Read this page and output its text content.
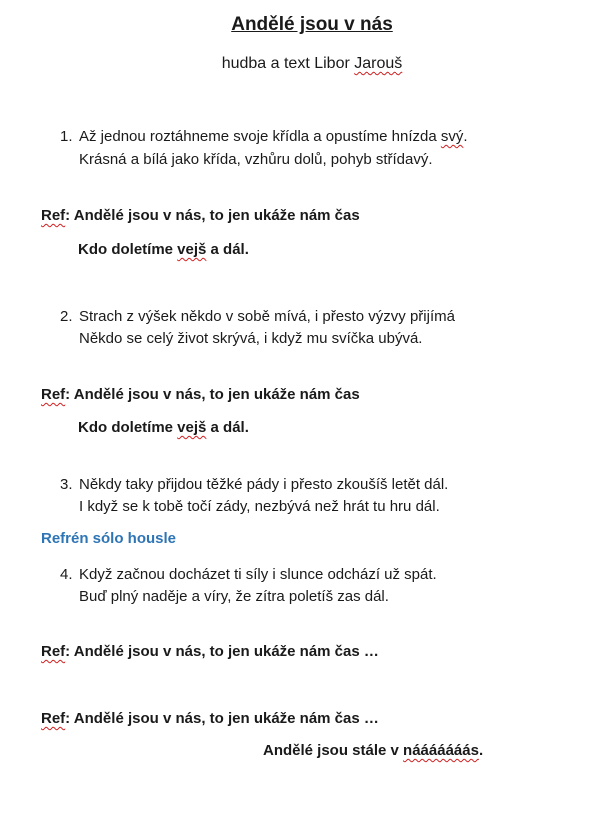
Andělé jsou v nás
hudba a text Libor Jarouš
1. Až jednou roztáhneme svoje křídla a opustíme hnízda svý.
Krásná a bílá jako křída, vzhůru dolů, pohyb střídavý.
Ref: Andělé jsou v nás, to jen ukáže nám čas
Kdo doletíme vejš a dál.
2. Strach z výšek někdo v sobě mívá, i přesto výzvy přijímá
Někdo se celý život skrývá, i když mu svíčka ubývá.
Ref: Andělé jsou v nás, to jen ukáže nám čas
Kdo doletíme vejš a dál.
3. Někdy taky přijdou těžké pády i přesto zkoušíš letět dál.
I když se k tobě točí zády, nezbývá než hrát tu hru dál.
Refrén sólo housle
4. Když začnou docházet ti síly i slunce odchází už spát.
Buď plný naděje a víry, že zítra poletíš zas dál.
Ref: Andělé jsou v nás, to jen ukáže nám čas …
Ref: Andělé jsou v nás, to jen ukáže nám čas …
Andělé jsou stále v nááááááás.
